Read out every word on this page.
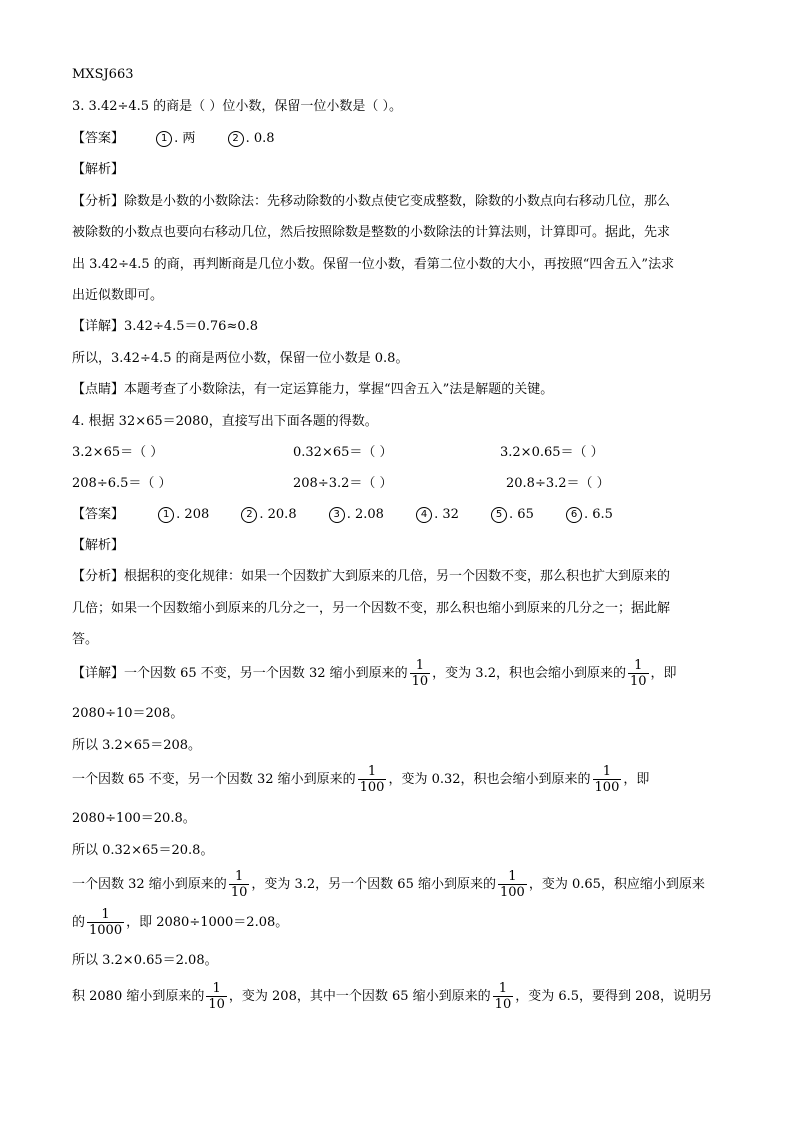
MXSJ663
3. 3.42÷4.5 的商是（ ）位小数，保留一位小数是（ ）。
【答案】	1 . 两	2 . 0.8
【解析】
【分析】除数是小数的小数除法：先移动除数的小数点使它变成整数，除数的小数点向右移动几位，那么
被除数的小数点也要向右移动几位，然后按照除数是整数的小数除法的计算法则，计算即可。据此，先求
出 3.42÷4.5 的商，再判断商是几位小数。保留一位小数，看第二位小数的大小，再按照“四舍五入”法求
出近似数即可。
【详解】3.42÷4.5＝0.76≈0.8
所以，3.42÷4.5 的商是两位小数，保留一位小数是 0.8。
【点睛】本题考查了小数除法，有一定运算能力，掌握“四舍五入”法是解题的关键。
4. 根据 32×65＝2080，直接写出下面各题的得数。
3.2×65＝（ ）	0.32×65＝（ ）	3.2×0.65＝（ ）
208÷6.5＝（ ）	208÷3.2＝（ ）	20.8÷3.2＝（ ）
【答案】	1 . 208	2 . 20.8	3 . 2.08	4 . 32	5 . 65	6 . 6.5
【解析】
【分析】根据积的变化规律：如果一个因数扩大到原来的几倍，另一个因数不变，那么积也扩大到原来的
几倍；如果一个因数缩小到原来的几分之一，另一个因数不变，那么积也缩小到原来的几分之一；据此解
答。
【详解】一个因数 65 不变，另一个因数 32 缩小到原来的 $\frac{1}{10}$ ，变为 3.2，积也会缩小到原来的 $\frac{1}{10}$ ，即
2080÷10＝208。
所以 3.2×65＝208。
一个因数 65 不变，另一个因数 32 缩小到原来的 $\frac{1}{100}$ ，变为 0.32，积也会缩小到原来的 $\frac{1}{100}$ ，即
2080÷100＝20.8。
所以 0.32×65＝20.8。
一个因数 32 缩小到原来的 $\frac{1}{10}$ ，变为 3.2，另一个因数 65 缩小到原来的 $\frac{1}{100}$ ，变为 0.65，积应缩小到原来
的 $\frac{1}{1000}$ ，即 2080÷1000＝2.08。
所以 3.2×0.65＝2.08。
积 2080 缩小到原来的 $\frac{1}{10}$ ，变为 208，其中一个因数 65 缩小到原来的 $\frac{1}{10}$ ，变为 6.5，要得到 208，说明另
